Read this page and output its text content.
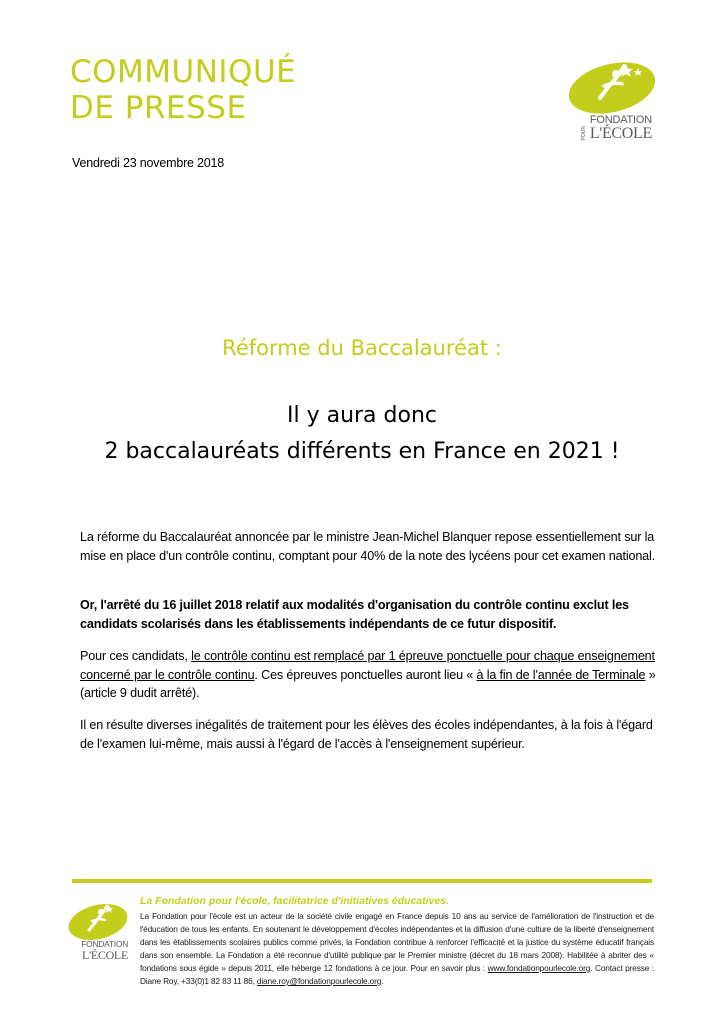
COMMUNIQUÉ
DE PRESSE
POUR
FONDATION
L'ÉCOLE
Vendredi 23 novembre 2018
Réforme du Baccalauréat :
Il y aura donc
2 baccalauréats différents en France en 2021 !

La réforme du Baccalauréat annoncée par le ministre Jean-Michel Blanquer repose essentiellement sur la mise en place d'un contrôle continu, comptant pour 40% de la note des lycéens pour cet examen national.

Or, l'arrêté du 16 juillet 2018 relatif aux modalités d'organisation du contrôle continu exclut les candidats scolarisés dans les établissements indépendants de ce futur dispositif.

Pour ces candidats, le contrôle continu est remplacé par 1 épreuve ponctuelle pour chaque enseignement concerné par le contrôle continu. Ces épreuves ponctuelles auront lieu « à la fin de l'année de Terminale » (article 9 dudit arrêté).

Il en résulte diverses inégalités de traitement pour les élèves des écoles indépendantes, à la fois à l'égard de l'examen lui-même, mais aussi à l'égard de l'accès à l'enseignement supérieur.

FONDATION
L'ÉCOLE

La Fondation pour l'école, facilitatrice d'initiatives éducatives.

La Fondation pour l'école est un acteur de la société civile engagé en France depuis 10 ans au service de l'amélioration de l'instruction et de l'éducation de tous les enfants. En soutenant le développement d'écoles indépendantes et la diffusion d'une culture de la liberté d'enseignement dans les établissements scolaires publics comme privés, la Fondation contribue à renforcer l'efficacité et la justice du système éducatif français dans son ensemble. La Fondation a été reconnue d'utilité publique par le Premier ministre (décret du 18 mars 2008). Habilitée à abriter des « fondations sous égide » depuis 2011, elle héberge 12 fondations à ce jour. Pour en savoir plus : www.fondationpourlecole.org. Contact presse : Diane Roy, +33(0)1 82 83 11 86, diane.roy@fondationpourlecole.org.
